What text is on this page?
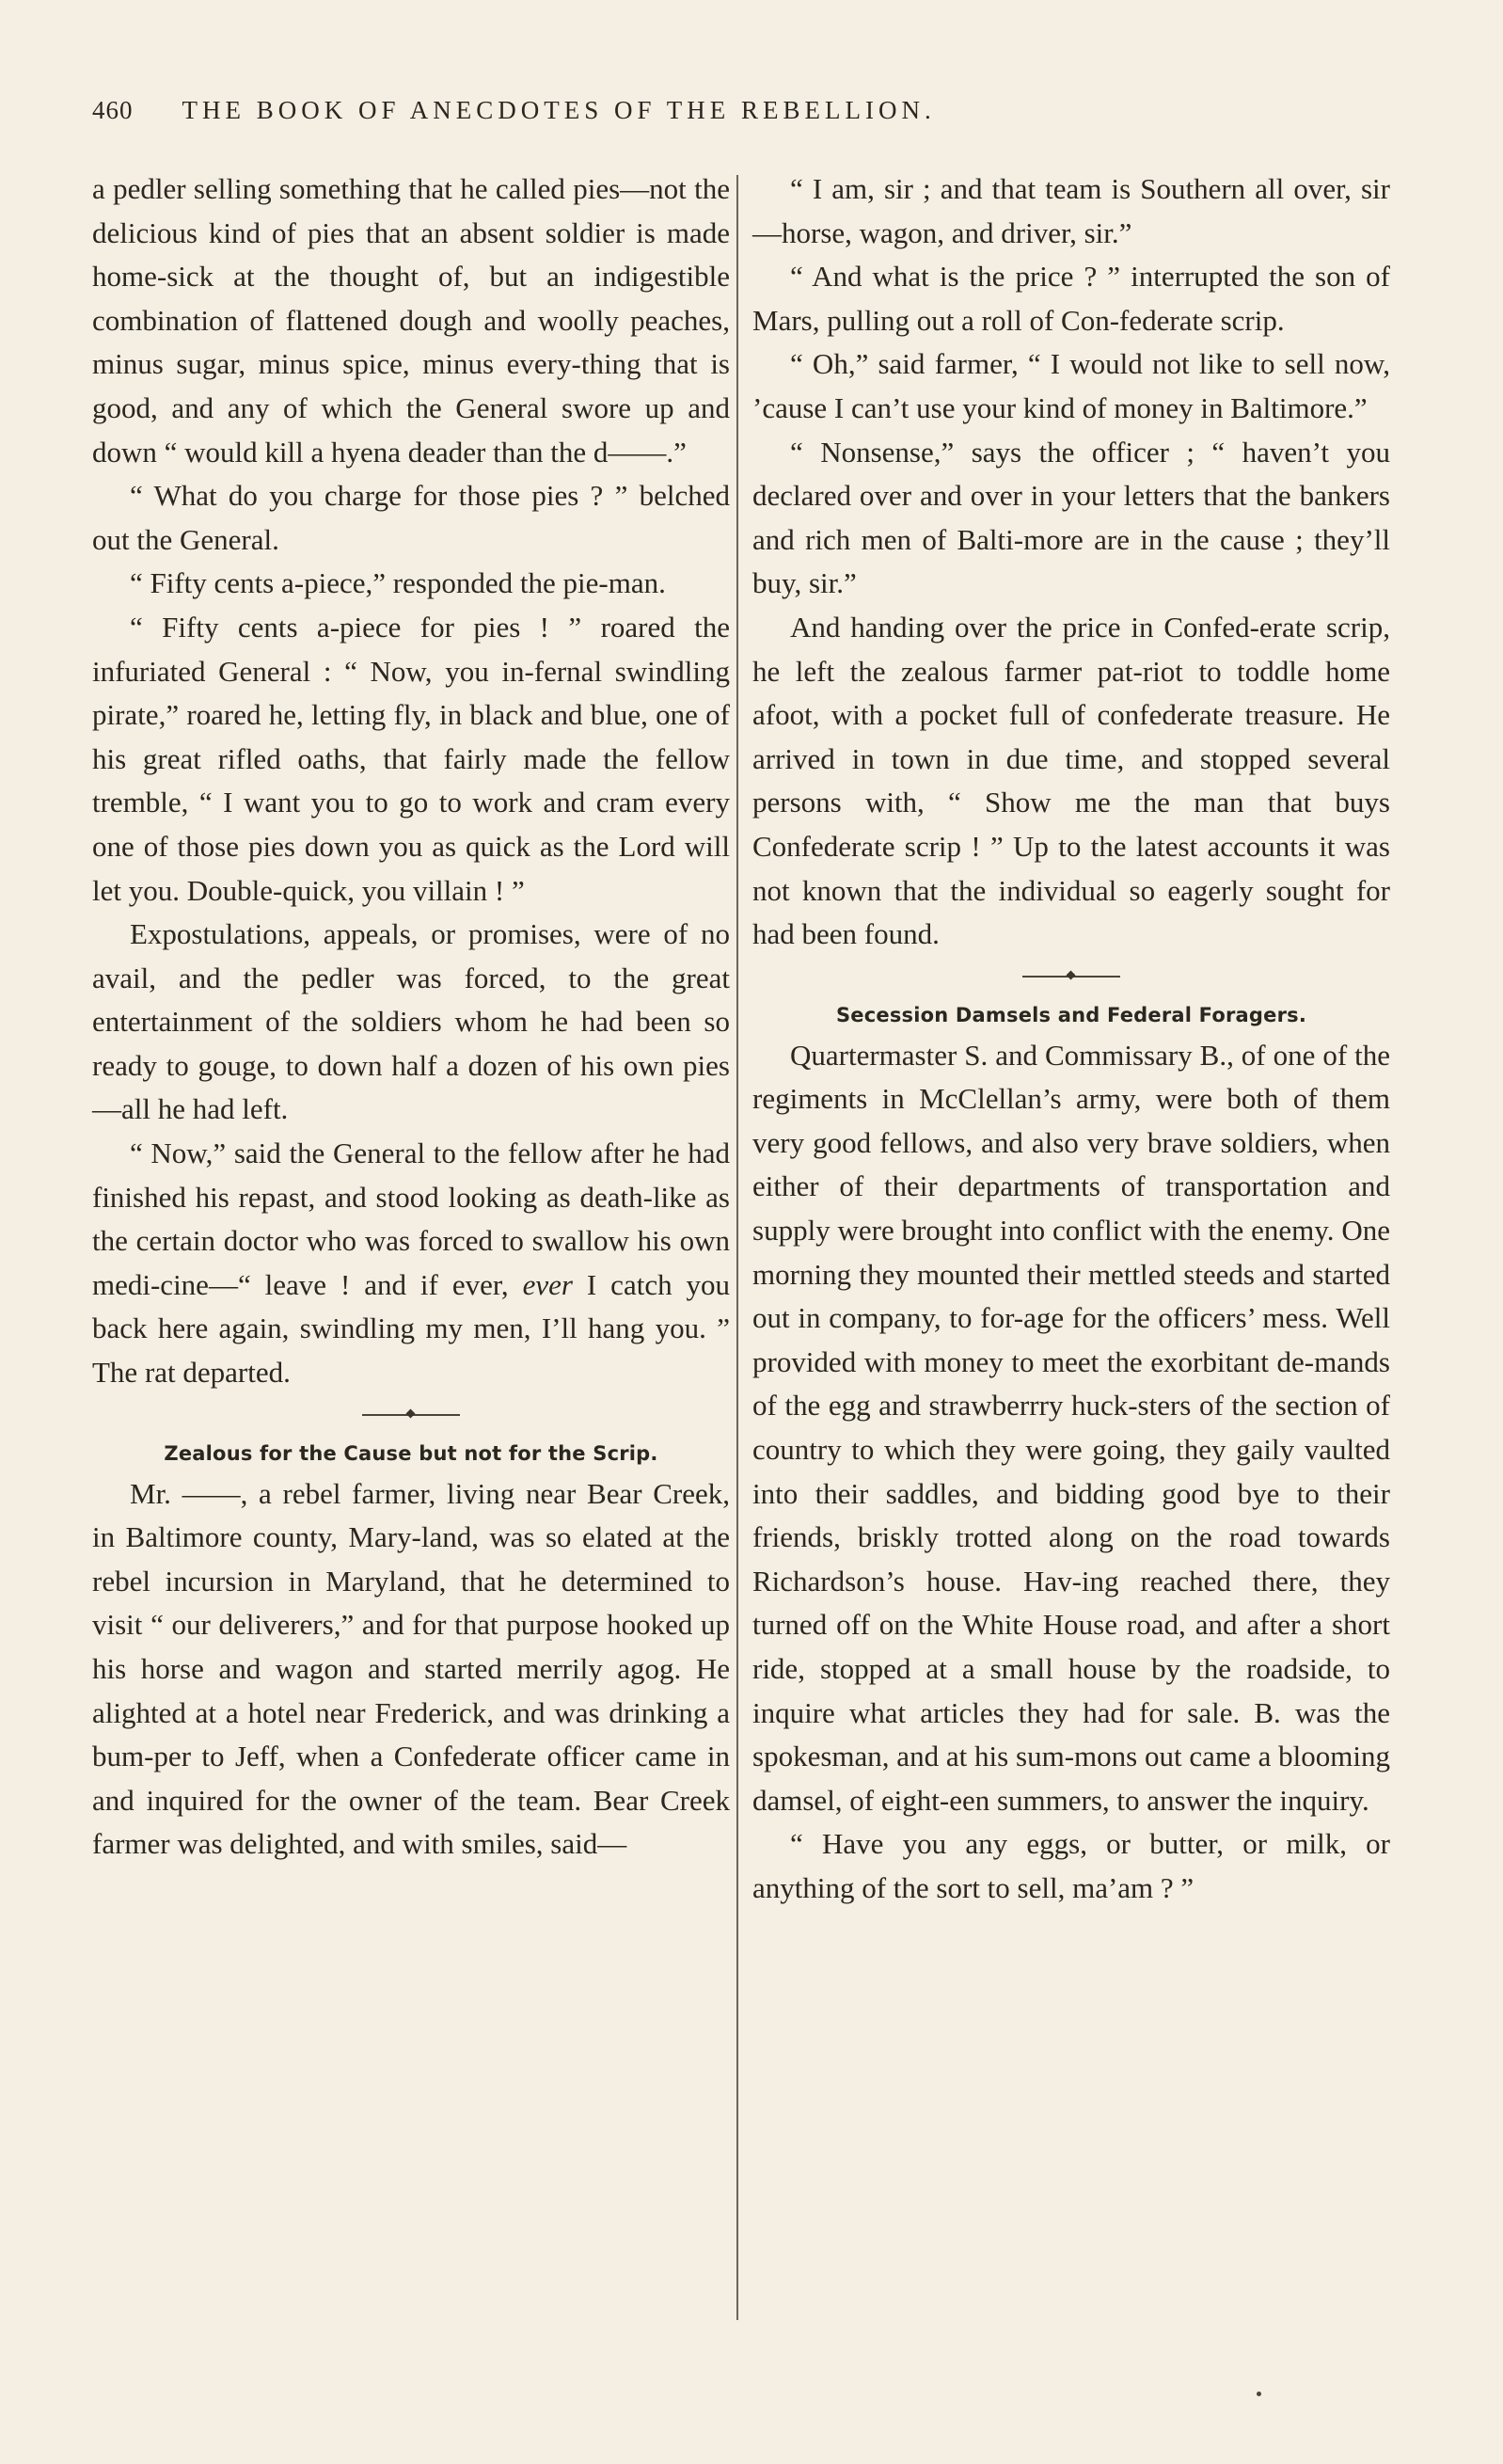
460 THE BOOK OF ANECDOTES OF THE REBELLION.

a pedler selling something that he called pies—not the delicious kind of pies that an absent soldier is made home-sick at the thought of, but an indigestible combination of flattened dough and woolly peaches, minus sugar, minus spice, minus every-thing that is good, and any of which the General swore up and down “ would kill a hyena deader than the d——.”

“ What do you charge for those pies ? ” belched out the General.

“ Fifty cents a-piece,” responded the pie-man.

“ Fifty cents a-piece for pies ! ” roared the infuriated General : “ Now, you in-fernal swindling pirate,” roared he, letting fly, in black and blue, one of his great rifled oaths, that fairly made the fellow tremble, “ I want you to go to work and cram every one of those pies down you as quick as the Lord will let you. Double-quick, you villain ! ”

Expostulations, appeals, or promises, were of no avail, and the pedler was forced, to the great entertainment of the soldiers whom he had been so ready to gouge, to down half a dozen of his own pies—all he had left.

“ Now,” said the General to the fellow after he had finished his repast, and stood looking as death-like as the certain doctor who was forced to swallow his own medi-cine—“ leave ! and if ever, ever I catch you back here again, swindling my men, I’ll hang you. ” The rat departed.

Zealous for the Cause but not for the Scrip.

Mr. ——, a rebel farmer, living near Bear Creek, in Baltimore county, Mary-land, was so elated at the rebel incursion in Maryland, that he determined to visit “ our deliverers,” and for that purpose hooked up his horse and wagon and started merrily agog. He alighted at a hotel near Frederick, and was drinking a bum-per to Jeff, when a Confederate officer came in and inquired for the owner of the team. Bear Creek farmer was delighted, and with smiles, said—

“ I am, sir ; and that team is Southern all over, sir—horse, wagon, and driver, sir.”

“ And what is the price ? ” interrupted the son of Mars, pulling out a roll of Con-federate scrip.

“ Oh,” said farmer, “ I would not like to sell now, ’cause I can’t use your kind of money in Baltimore.”

“ Nonsense,” says the officer ; “ haven’t you declared over and over in your letters that the bankers and rich men of Balti-more are in the cause ; they’ll buy, sir.”

And handing over the price in Confed-erate scrip, he left the zealous farmer pat-riot to toddle home afoot, with a pocket full of confederate treasure. He arrived in town in due time, and stopped several persons with, “ Show me the man that buys Confederate scrip ! ” Up to the latest accounts it was not known that the individual so eagerly sought for had been found.

Secession Damsels and Federal Foragers.

Quartermaster S. and Commissary B., of one of the regiments in McClellan’s army, were both of them very good fellows, and also very brave soldiers, when either of their departments of transportation and supply were brought into conflict with the enemy. One morning they mounted their mettled steeds and started out in company, to for-age for the officers’ mess. Well provided with money to meet the exorbitant de-mands of the egg and strawberrry huck-sters of the section of country to which they were going, they gaily vaulted into their saddles, and bidding good bye to their friends, briskly trotted along on the road towards Richardson’s house. Hav-ing reached there, they turned off on the White House road, and after a short ride, stopped at a small house by the roadside, to inquire what articles they had for sale. B. was the spokesman, and at his sum-mons out came a blooming damsel, of eight-een summers, to answer the inquiry.

“ Have you any eggs, or butter, or milk, or anything of the sort to sell, ma’am ? ”
